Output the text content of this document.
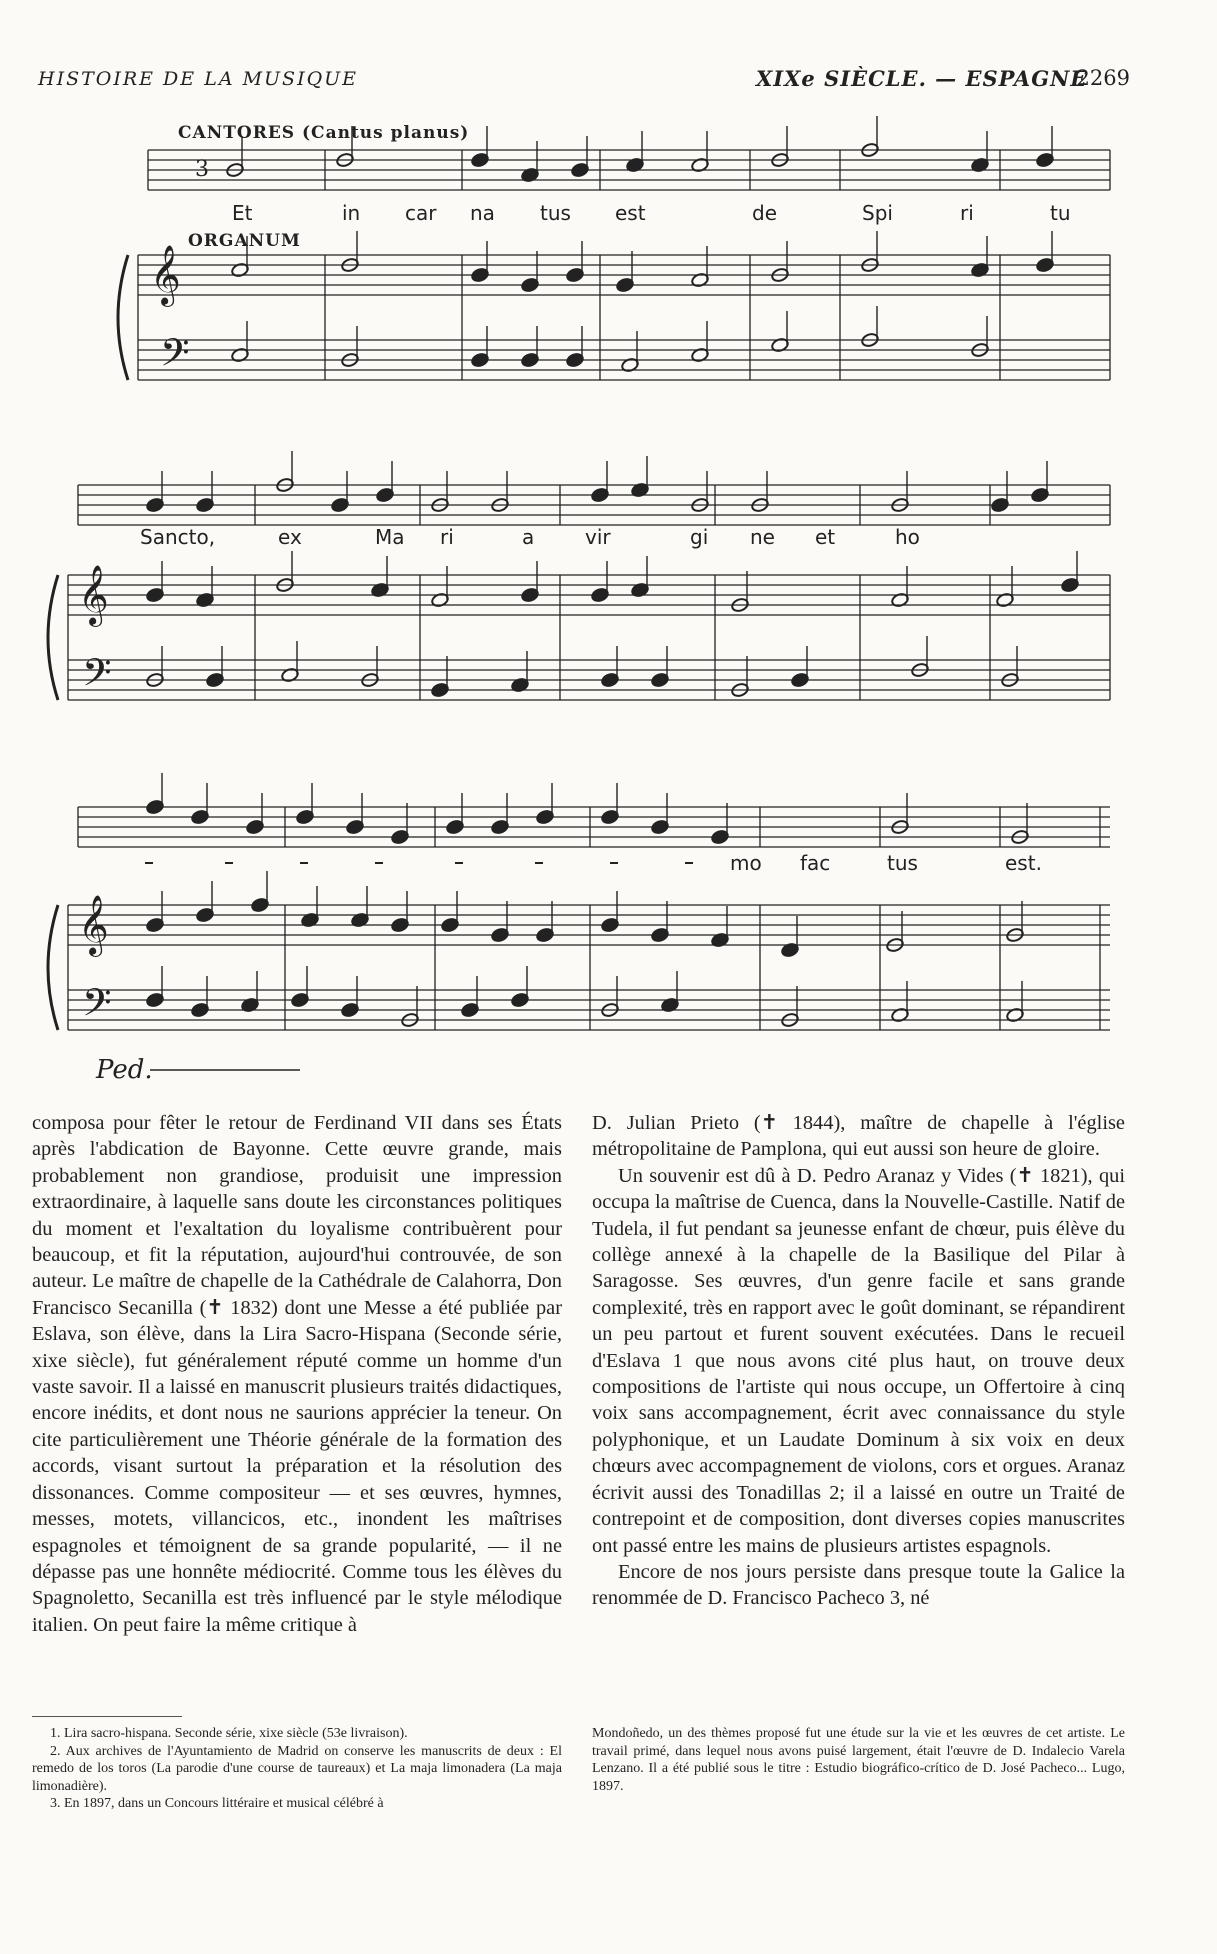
HISTOIRE DE LA MUSIQUE	XIXe SIÈCLE. — ESPAGNE
2269
CANTORES (Cantus planus)
ORGANUM
𝄢
𝄞
3
Et	in car na tus est	de	Spi	ri	tu
𝄞
𝄢
Sancto,	ex	Ma ri	a	vir	gi ne et	ho
𝄞
𝄢
mo fac	tus	est.
Ped.

composa pour fêter le retour de Ferdinand VII dans ses États après l'abdication de Bayonne. Cette œuvre grande, mais probablement non grandiose, produisit une impression extraordinaire, à laquelle sans doute les circonstances politiques du moment et l'exaltation du loyalisme contribuèrent pour beaucoup, et fit la réputation, aujourd'hui controuvée, de son auteur. Le maître de chapelle de la Cathédrale de Calahorra, Don Francisco Secanilla (✝ 1832) dont une Messe a été publiée par Eslava, son élève, dans la Lira Sacro-Hispana (Seconde série, xixe siècle), fut généralement réputé comme un homme d'un vaste savoir. Il a laissé en manuscrit plusieurs traités didactiques, encore inédits, et dont nous ne saurions apprécier la teneur. On cite particulièrement une Théorie générale de la formation des accords, visant surtout la préparation et la résolution des dissonances. Comme compositeur — et ses œuvres, hymnes, messes, motets, villancicos, etc., inondent les maîtrises espagnoles et témoignent de sa grande popularité, — il ne dépasse pas une honnête médiocrité. Comme tous les élèves du Spagnoletto, Secanilla est très influencé par le style mélodique italien. On peut faire la même critique à

D. Julian Prieto (✝ 1844), maître de chapelle à l'église métropolitaine de Pamplona, qui eut aussi son heure de gloire.

Un souvenir est dû à D. Pedro Aranaz y Vides (✝ 1821), qui occupa la maîtrise de Cuenca, dans la Nouvelle-Castille. Natif de Tudela, il fut pendant sa jeunesse enfant de chœur, puis élève du collège annexé à la chapelle de la Basilique del Pilar à Saragosse. Ses œuvres, d'un genre facile et sans grande complexité, très en rapport avec le goût dominant, se répandirent un peu partout et furent souvent exécutées. Dans le recueil d'Eslava 1 que nous avons cité plus haut, on trouve deux compositions de l'artiste qui nous occupe, un Offertoire à cinq voix sans accompagnement, écrit avec connaissance du style polyphonique, et un Laudate Dominum à six voix en deux chœurs avec accompagnement de violons, cors et orgues. Aranaz écrivit aussi des Tonadillas 2; il a laissé en outre un Traité de contrepoint et de composition, dont diverses copies manuscrites ont passé entre les mains de plusieurs artistes espagnols.

Encore de nos jours persiste dans presque toute la Galice la renommée de D. Francisco Pacheco 3, né

1. Lira sacro-hispana. Seconde série, xixe siècle (53e livraison).

2. Aux archives de l'Ayuntamiento de Madrid on conserve les manuscrits de deux : El remedo de los toros (La parodie d'une course de taureaux) et La maja limonadera (La maja limonadière).

3. En 1897, dans un Concours littéraire et musical célébré à

Mondoñedo, un des thèmes proposé fut une étude sur la vie et les œuvres de cet artiste. Le travail primé, dans lequel nous avons puisé largement, était l'œuvre de D. Indalecio Varela Lenzano. Il a été publié sous le titre : Estudio biográfico-crítico de D. José Pacheco... Lugo, 1897.
